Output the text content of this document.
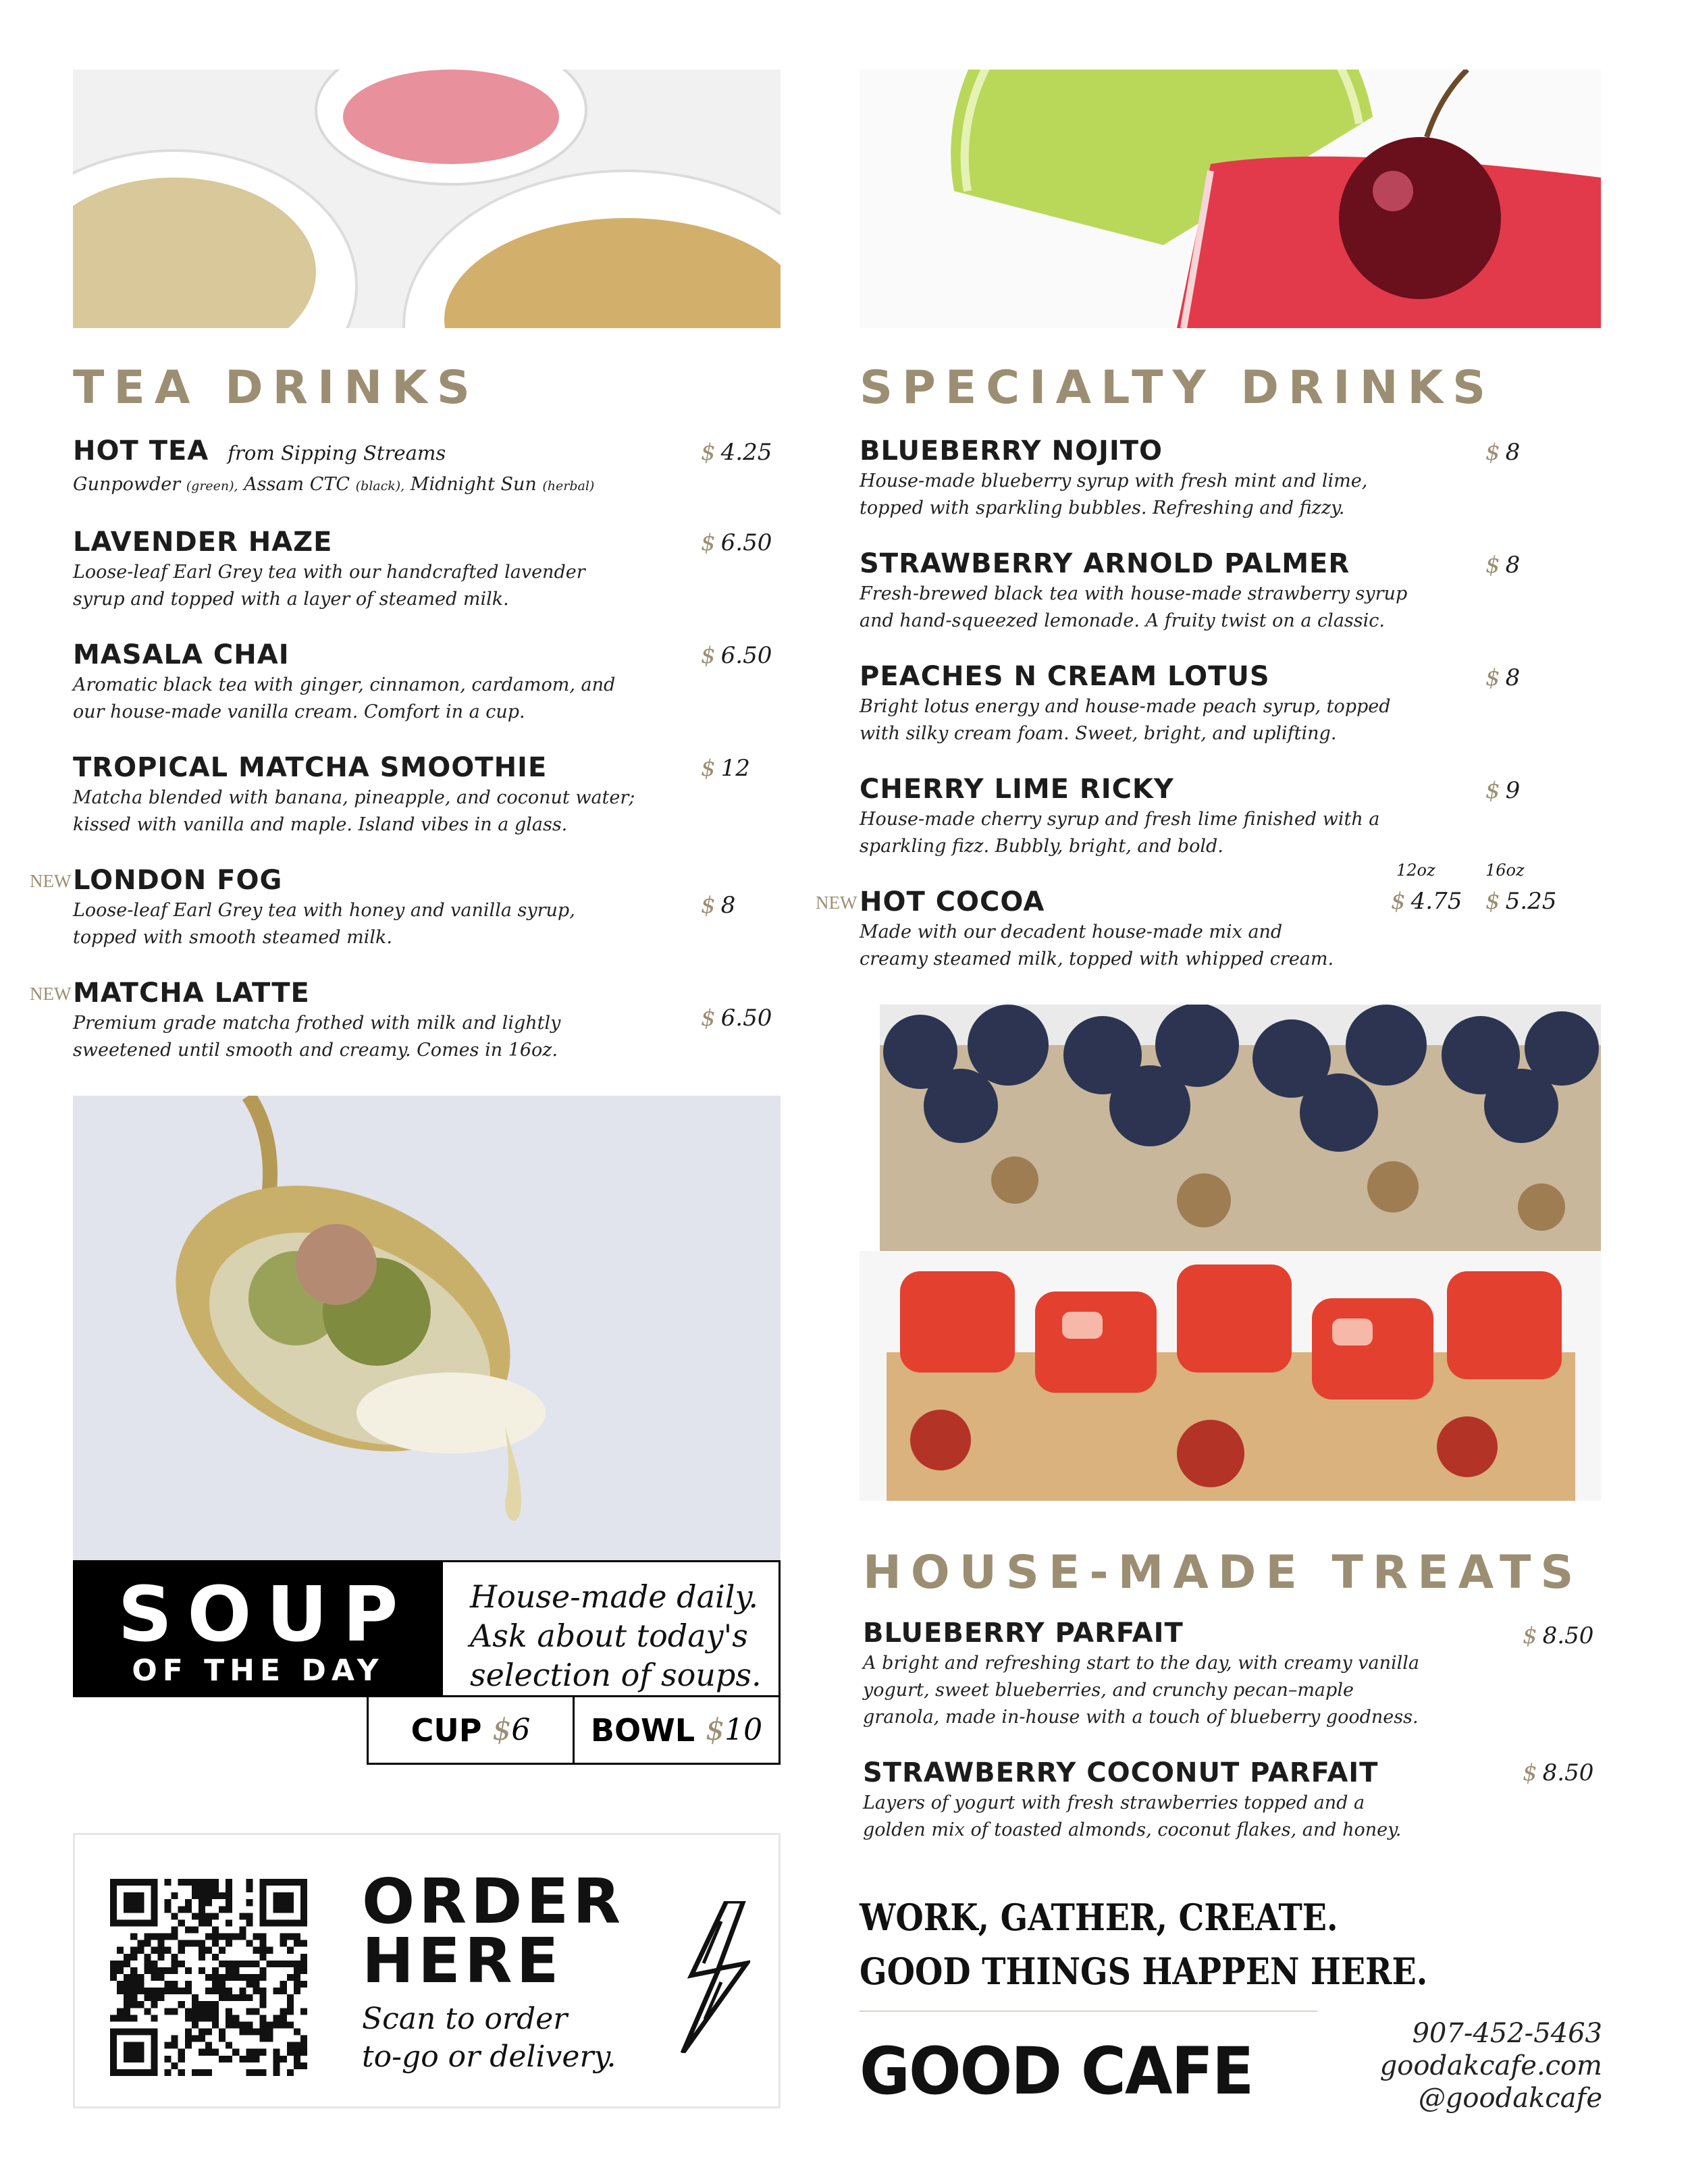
TEA DRINKS
HOT TEA from Sipping Streams
Gunpowder (green), Assam CTC (black), Midnight Sun (herbal)
$ 4.25
LAVENDER HAZE
Loose-leaf Earl Grey tea with our handcrafted lavender
syrup and topped with a layer of steamed milk.
$ 6.50
MASALA CHAI
Aromatic black tea with ginger, cinnamon, cardamom, and
our house-made vanilla cream. Comfort in a cup.
$ 6.50
TROPICAL MATCHA SMOOTHIE
Matcha blended with banana, pineapple, and coconut water;
kissed with vanilla and maple. Island vibes in a glass.
$ 12
NEW LONDON FOG
Loose-leaf Earl Grey tea with honey and vanilla syrup,
topped with smooth steamed milk.
$ 8
NEW MATCHA LATTE
Premium grade matcha frothed with milk and lightly
sweetened until smooth and creamy. Comes in 16oz.
$ 6.50
SPECIALTY DRINKS
BLUEBERRY NOJITO
House-made blueberry syrup with fresh mint and lime,
topped with sparkling bubbles. Refreshing and fizzy.
$ 8
STRAWBERRY ARNOLD PALMER
Fresh-brewed black tea with house-made strawberry syrup
and hand-squeezed lemonade. A fruity twist on a classic.
$ 8
PEACHES N CREAM LOTUS
Bright lotus energy and house-made peach syrup, topped
with silky cream foam. Sweet, bright, and uplifting.
$ 8
CHERRY LIME RICKY
House-made cherry syrup and fresh lime finished with a
sparkling fizz. Bubbly, bright, and bold.
$ 9
NEW HOT COCOA
Made with our decadent house-made mix and
creamy steamed milk, topped with whipped cream.
12oz	16oz
$ 4.75 $ 5.25
HOUSE-MADE TREATS
BLUEBERRY PARFAIT
A bright and refreshing start to the day, with creamy vanilla
yogurt, sweet blueberries, and crunchy pecan–maple
granola, made in-house with a touch of blueberry goodness.
$ 8.50
STRAWBERRY COCONUT PARFAIT
Layers of yogurt with fresh strawberries topped and a
golden mix of toasted almonds, coconut flakes, and honey.
$ 8.50
SOUP
OF THE DAY
House-made daily.
Ask about today's
selection of soups.
CUP $6 BOWL $10
ORDER
HERE
Scan to order
to-go or delivery.
WORK, GATHER, CREATE.
GOOD THINGS HAPPEN HERE.
GOOD CAFE	907-452-5463
goodakcafe.com
@goodakcafe
